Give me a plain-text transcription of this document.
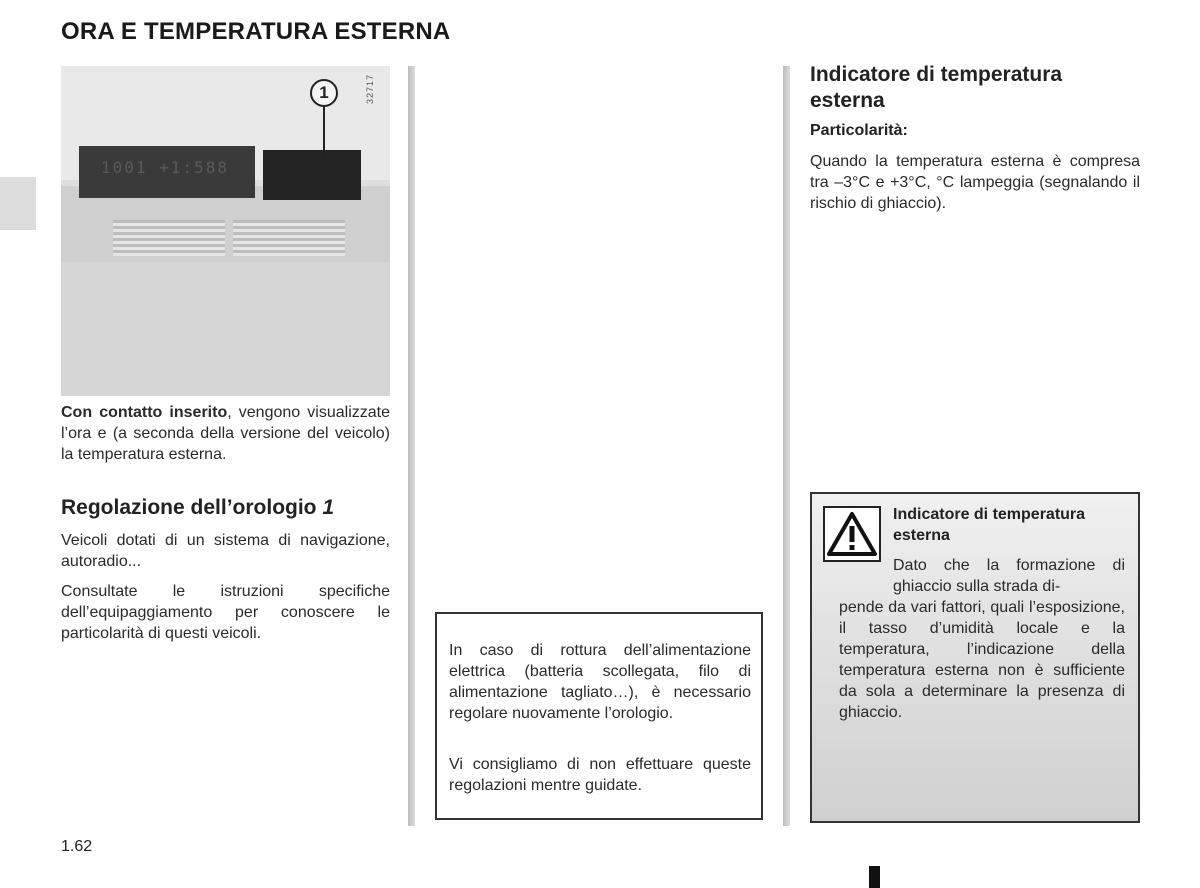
ORA E TEMPERATURA ESTERNA
1001 +1:588
1	32717
Con contatto inserito, vengono visualizzate l’ora e (a seconda della versione del veicolo) la temperatura esterna.
Regolazione dell’orologio 1
Veicoli dotati di un sistema di navigazione, autoradio...
Consultate le istruzioni specifiche dell’equipaggiamento per conoscere le particolarità di questi veicoli.
In caso di rottura dell’alimentazione elettrica (batteria scollegata, filo di alimentazione tagliato…), è necessario regolare nuovamente l’orologio.
Vi consigliamo di non effettuare queste regolazioni mentre guidate.
Indicatore di temperatura esterna
Particolarità:
Quando la temperatura esterna è compresa tra –3°C e +3°C, °C lampeggia (segnalando il rischio di ghiaccio).
Indicatore di temperatura esterna
Dato che la formazione di ghiaccio sulla strada di-
pende da vari fattori, quali l’esposizione, il tasso d’umidità locale e la temperatura, l’indicazione della temperatura esterna non è sufficiente da sola a determinare la presenza di ghiaccio.
1.62
